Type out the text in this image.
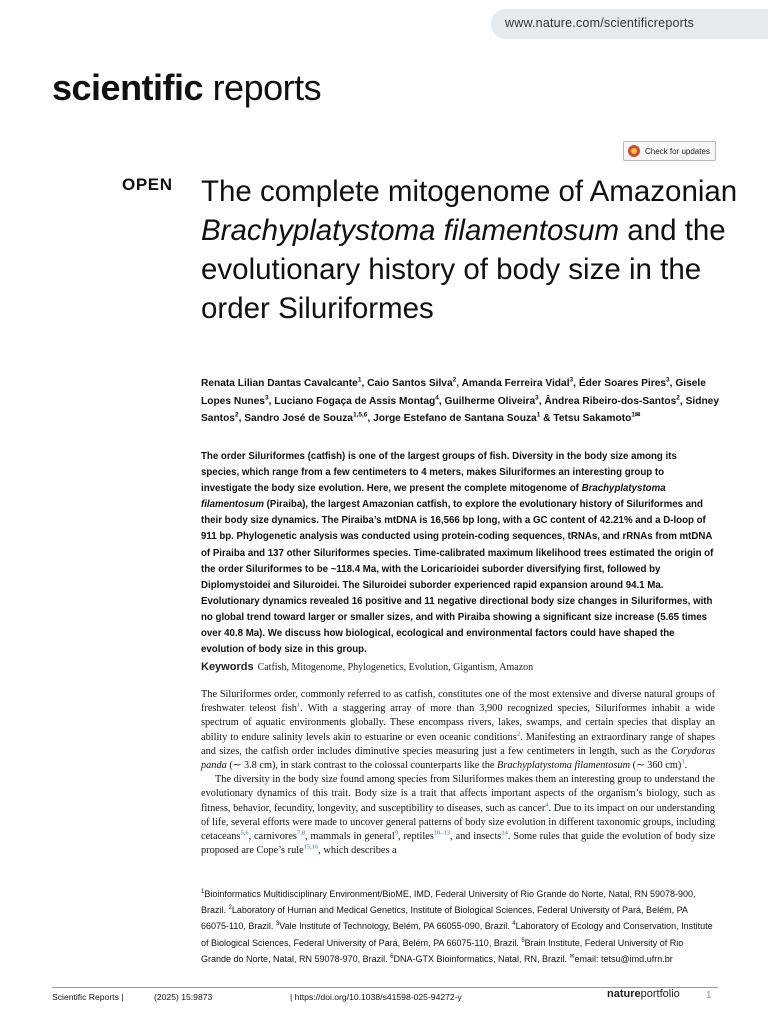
www.nature.com/scientificreports
scientific reports
Check for updates
OPEN The complete mitogenome of Amazonian Brachyplatystoma filamentosum and the evolutionary history of body size in the order Siluriformes
Renata Lilian Dantas Cavalcante$^1$, Caio Santos Silva$^2$, Amanda Ferreira Vidal$^3$, Éder Soares Pires$^3$, Gisele Lopes Nunes$^3$, Luciano Fogaça de Assis Montag$^4$, Guilherme Oliveira$^3$, Ândrea Ribeiro-dos-Santos$^2$, Sidney Santos$^2$, Sandro José de Souza$^{1,5,6}$, Jorge Estefano de Santana Souza$^1$ & Tetsu Sakamoto$^{1✉}$
The order Siluriformes (catfish) is one of the largest groups of fish. Diversity in the body size among its species, which range from a few centimeters to 4 meters, makes Siluriformes an interesting group to investigate the body size evolution. Here, we present the complete mitogenome of Brachyplatystoma filamentosum (Piraiba), the largest Amazonian catfish, to explore the evolutionary history of Siluriformes and their body size dynamics. The Piraiba’s mtDNA is 16,566 bp long, with a GC content of 42.21% and a D-loop of 911 bp. Phylogenetic analysis was conducted using protein-coding sequences, tRNAs, and rRNAs from mtDNA of Piraiba and 137 other Siluriformes species. Time-calibrated maximum likelihood trees estimated the origin of the order Siluriformes to be ~118.4 Ma, with the Loricarioidei suborder diversifying first, followed by Diplomystoidei and Siluroidei. The Siluroidei suborder experienced rapid expansion around 94.1 Ma. Evolutionary dynamics revealed 16 positive and 11 negative directional body size changes in Siluriformes, with no global trend toward larger or smaller sizes, and with Piraiba showing a significant size increase (5.65 times over 40.8 Ma). We discuss how biological, ecological and environmental factors could have shaped the evolution of body size in this group.
Keywords Catfish, Mitogenome, Phylogenetics, Evolution, Gigantism, Amazon

The Siluriformes order, commonly referred to as catfish, constitutes one of the most extensive and diverse natural groups of freshwater teleost fish$^1$. With a staggering array of more than 3,900 recognized species, Siluriformes inhabit a wide spectrum of aquatic environments globally. These encompass rivers, lakes, swamps, and certain species that display an ability to endure salinity levels akin to estuarine or even oceanic conditions$^2$. Manifesting an extraordinary range of shapes and sizes, the catfish order includes diminutive species measuring just a few centimeters in length, such as the Corydoras panda (∼ 3.8 cm), in stark contrast to the colossal counterparts like the Brachyplatystoma filamentosum (∼ 360 cm)$^3$.

The diversity in the body size found among species from Siluriformes makes them an interesting group to understand the evolutionary dynamics of this trait. Body size is a trait that affects important aspects of the organism’s biology, such as fitness, behavior, fecundity, longevity, and susceptibility to diseases, such as cancer$^4$. Due to its impact on our understanding of life, several efforts were made to uncover general patterns of body size evolution in different taxonomic groups, including cetaceans$^{5,6}$, carnivores$^{7,8}$, mammals in general$^9$, reptiles$^{10-13}$, and insects$^{14}$. Some rules that guide the evolution of body size proposed are Cope’s rule$^{15,16}$, which describes a

$^1$Bioinformatics Multidisciplinary Environment/BioME, IMD, Federal University of Rio Grande do Norte, Natal, RN 59078-900, Brazil. $^2$Laboratory of Human and Medical Genetics, Institute of Biological Sciences, Federal University of Pará, Belém, PA 66075-110, Brazil. $^3$Vale Institute of Technology, Belém, PA 66055-090, Brazil. $^4$Laboratory of Ecology and Conservation, Institute of Biological Sciences, Federal University of Pará, Belém, PA 66075-110, Brazil. $^5$Brain Institute, Federal University of Rio Grande do Norte, Natal, RN 59078-970, Brazil. $^6$DNA-GTX Bioinformatics, Natal, RN, Brazil. ✉email: tetsu@imd.ufrn.br
Scientific Reports |	(2025) 15:9873	| https://doi.org/10.1038/s41598-025-94272-y	natureportfolio	1
